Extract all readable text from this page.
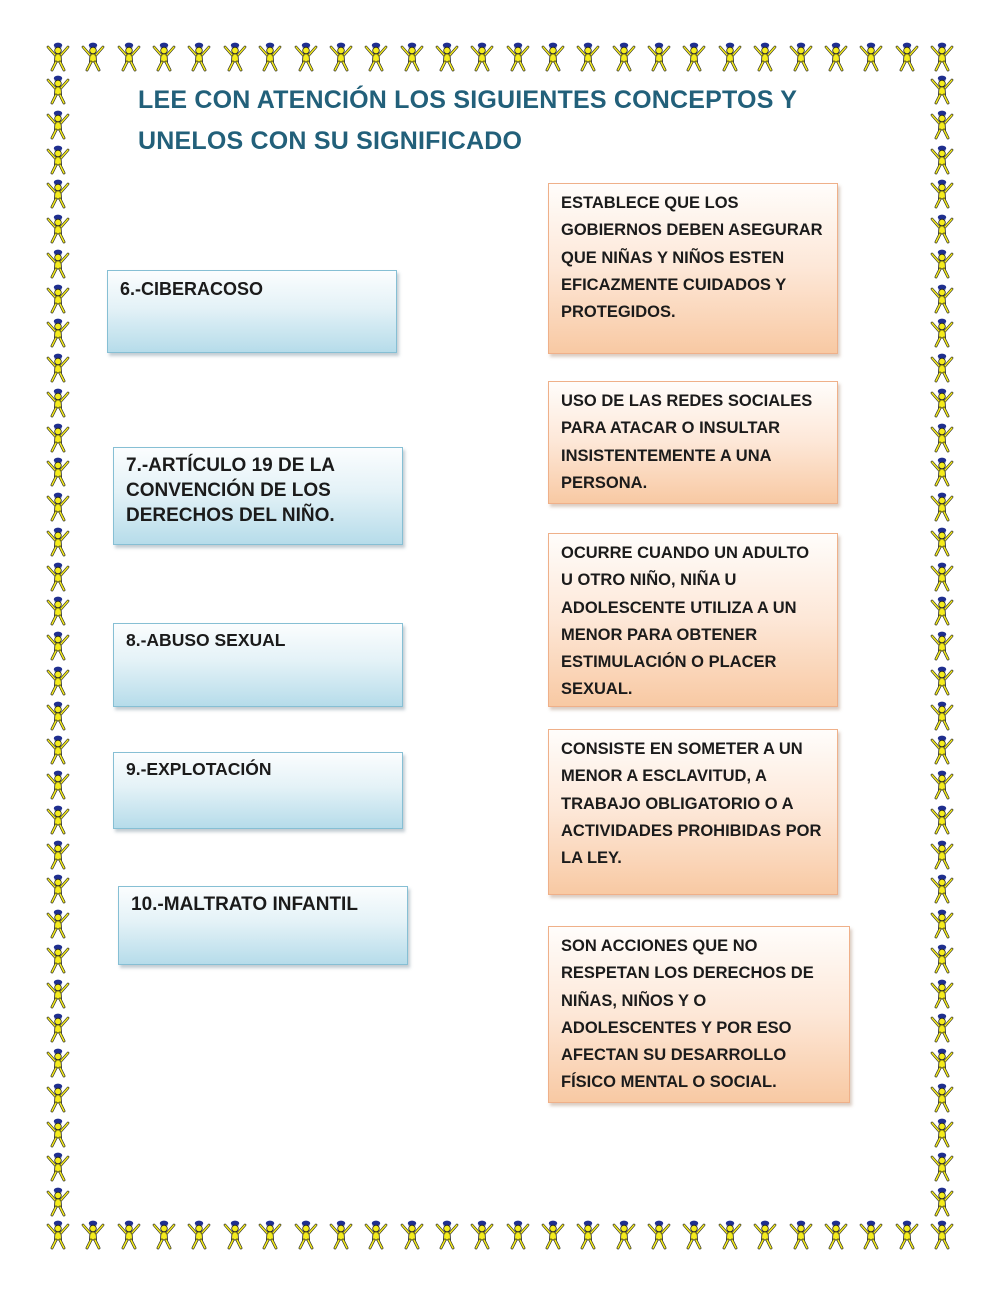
LEE CON ATENCIÓN LOS SIGUIENTES CONCEPTOS Y
UNELOS CON SU SIGNIFICADO
6.-CIBERACOSO
7.-ARTÍCULO 19 DE LA CONVENCIÓN DE LOS DERECHOS DEL NIÑO.
8.-ABUSO SEXUAL
9.-EXPLOTACIÓN
10.-MALTRATO INFANTIL
ESTABLECE QUE LOS GOBIERNOS DEBEN ASEGURAR QUE NIÑAS Y NIÑOS ESTEN EFICAZMENTE CUIDADOS Y PROTEGIDOS.
USO DE LAS REDES SOCIALES PARA ATACAR O INSULTAR INSISTENTEMENTE A UNA PERSONA.
OCURRE CUANDO UN ADULTO U OTRO NIÑO, NIÑA U ADOLESCENTE UTILIZA A UN MENOR PARA OBTENER ESTIMULACIÓN O PLACER SEXUAL.
CONSISTE EN SOMETER A UN MENOR A ESCLAVITUD, A TRABAJO OBLIGATORIO O A ACTIVIDADES PROHIBIDAS POR LA LEY.
SON ACCIONES QUE NO RESPETAN LOS DERECHOS DE NIÑAS, NIÑOS Y O ADOLESCENTES Y POR ESO AFECTAN SU DESARROLLO FÍSICO MENTAL O SOCIAL.
